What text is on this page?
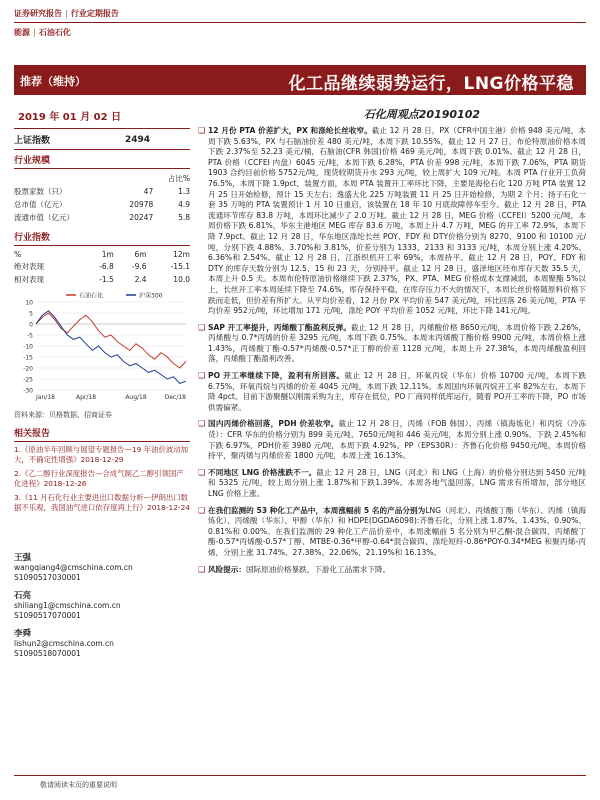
证券研究报告 | 行业定期报告
能源 | 石油石化
推荐（维持）	化工品继续弱势运行，LNG价格平稳
2019 年 01 月 02 日	石化周观点20190102
上证指数	2494
行业规模
		占比%
股票家数（只）	47	1.3
总市值（亿元）	20978	4.9
流通市值（亿元）	20247	5.8
行业指数
%	1m	6m	12m
绝对表现	-6.8	-9.6	-15.1
相对表现	-1.5	2.4	10.0
10
5
0
-5
-10
-15
-20
-25
-30
Jan/18	Apr/18	Aug/18	Dec/18
石油石化	沪深300
资料来源：贝格数据、招商证券
相关报告

1.《原油半年回顾与展望专题报告—19 年油价波动加大，不确定性增强》2018-12-29

2.《乙二醇行业深度报告—合成气制乙二醇引领国产化进程》2018-12-26

3.《11 月石化行业主要进出口数据分析—伊朗出口数据不乐观，我国油气进口依存度再上行》2018-12-24

王强
wangqiang4@cmschina.com.cn
S1090517030001
石亮
shiliang1@cmschina.com.cn
S1090517070001
李舜
lishun2@cmschina.com.cn
S1090518070001
❑ 12 月份 PTA 价差扩大，PX 和涤纶长丝收窄。截止 12 月 28 日，PX（CFR中国主港）价格 948 美元/吨，本周下跌 5.63%，PX 与石脑油价差 480 美元/吨，本周下跌 10.55%，截止 12 月 27 日，布伦特原油价格本周下跌 2.37%至 52.23 美元/桶，石脑油(CFR 韩国)价格 469 美元/吨，本周下跌 0.01%。截止 12 月 28 日，PTA 价格（CCFEI 内盘）6045 元/吨，本周下跌 6.28%，PTA 价差 998 元/吨，本周下跌 7.06%，PTA 期货 1903 合约目前价格 5752元/吨，现货较期货升水 293 元/吨，较上周扩大 109 元/吨。本周 PTA 行业开工负荷 76.5%，本周下降 1.9pct，装置方面，本周 PTA 装置开工率环比下降，主要是海伦石化 120 万吨 PTA 装置 12 月 25 日开始检修，预计 15 天左右；逸盛大化 225 万吨装置 11 月 25 日开始检修，为期 2 个月；扬子石化一套 35 万吨的 PTA 装置预计 1 月 10 日重启，该装置在 18 年 10 月底故障停车至今。截止 12 月 28 日，PTA 流通环节库存 83.8 万吨，本周环比减少了 2.0 万吨。截止 12 月 28 日，MEG 价格（CCFEI）5200 元/吨，本周价格下跌 6.81%，华东主港地区 MEG 库存 83.6 万吨，本周上升 4.7 万吨，MEG 的开工率 72.9%，本周下降 7.9pct。截止 12 月 28 日，华东地区涤纶长丝 POY、FDY 和 DTY价格分别为 8270、9100 和 10100 元/吨，分别下跌 4.88%、3.70%和 3.81%，价差分别为 1333、2133 和 3133 元/吨，本周分别上涨 4.20%、6.36%和 2.54%。截止 12 月 28 日，江浙织机开工率 69%，本周持平。截止 12 月 28 日，POY、FDY 和 DTY 的库存天数分别为 12.5、15 和 23 天，分别持平。截止 12 月 28 日，盛泽地区坯布库存天数 35.5 天，本周上升 0.5 天。本周布伦特原油价格继续下跌 2.37%，PX、PTA、MEG 价格成本支撑减弱，本周聚酯 5%以上，长丝开工率本周延续下降至 74.6%，库存保持平稳，在库存压力不大的情况下，本周长丝价格随原料价格下跌而走低，但价差有所扩大。从平均价差看，12 月份 PX 平均价差 547 美元/吨，环比回落 26 美元/吨，PTA 平均价差 952元/吨，环比增加 171 元/吨，涤纶 POY 平均价差 1052 元/吨，环比下降 141元/吨。
❑ SAP 开工率提升，丙烯酸丁酯盈利反弹。截止 12 月 28 日，丙烯酸价格 8650元/吨，本周价格下跌 2.26%，丙烯酸与 0.7*丙烯的价差 3295 元/吨，本周下跌 0.75%。本周末丙烯酸丁酯价格 9900 元/吨，本周价格上涨 1.43%，丙烯酸丁酯-0.57*丙烯酸-0.57*正丁醇的价差 1128 元/吨，本周上升 27.38%，本周丙烯酸盈利回落，丙烯酸丁酯盈利改善。
❑ PO 开工率继续下降，盈利有所回落。截止 12 月 28 日，环氧丙烷（华东）价格 10700 元/吨，本周下跌 6.75%，环氧丙烷与丙烯的价差 4045 元/吨，本周下跌 12.11%。本周国内环氧丙烷开工率 82%左右，本周下降 4pct。目前下游聚醚以刚需采购为主，库存在低位，PO 厂商同样低库运行，随着 PO开工率的下降，PO 市场供需偏紧。
❑ 国内丙烯价格回落，PDH 价差收窄。截止 12 月 28 日，丙烯（FOB 韩国）、丙烯（镇海炼化）和丙烷（冷冻货）：CFR 华东的价格分别为 899 美元/吨、7650元/吨和 446 美元/吨，本周分别上涨 0.90%、下跌 2.45%和下跌 6.97%，PDH价差 3980 元/吨，本周下跌 4.92%。PP（EPS30R）：齐鲁石化价格 9450元/吨，本周价格持平，聚丙烯与丙烯价差 1800 元/吨，本周上涨 16.13%。
❑ 不同地区 LNG 价格涨跌不一。截止 12 月 28 日，LNG（河北）和 LNG（上海）的价格分别达到 5450 元/吨和 5325 元/吨，较上周分别上涨 1.87%和下跌1.39%。本周各地气温回落，LNG 需求有所增加，部分地区 LNG 价格上涨。
❑ 在我们监测的 53 种化工产品中，本周涨幅前 5 名的产品分别为LNG（河北）、丙烯酸丁酯（华东）、丙烯（镇海炼化）、丙烯酸（华东）、甲醇（华东）和 HDPE(DGDA6098):齐鲁石化，分别上涨 1.87%、1.43%、0.90%、0.81%和 0.00%。在我们监测的 29 种化工产品价差中，本周涨幅前 5 名分别为甲乙酮-混合碳四、丙烯酸丁酯-0.57*丙烯酸-0.57*丁醇、MTBE-0.36*甲醇-0.64*混合碳四、涤纶短纤-0.86*POY-0.34*MEG 和聚丙烯-丙烯，分别上涨 31.74%、27.38%、22.06%、21.19%和 16.13%。
❑ 风险提示：国际原油价格暴跌，下游化工品需求下降。
敬请阅读末页的重要说明
